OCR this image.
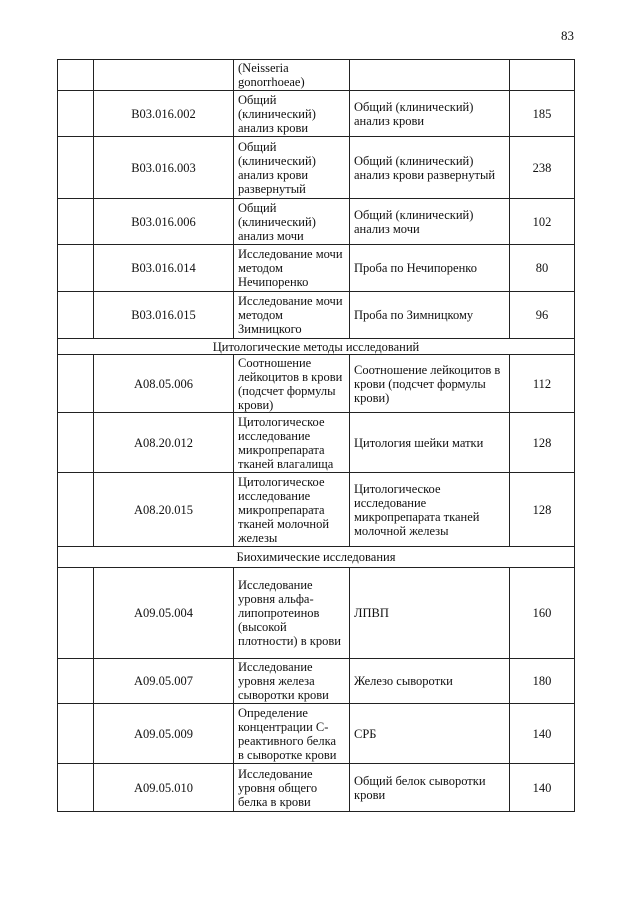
83
		(Neisseria gonorrhoeae)		
	В03.016.002	Общий (клинический) анализ крови	Общий (клинический) анализ крови	185
	В03.016.003	Общий (клинический) анализ крови развернутый	Общий (клинический) анализ крови развернутый	238
	В03.016.006	Общий (клинический) анализ мочи	Общий (клинический) анализ мочи	102
	В03.016.014	Исследование мочи методом Нечипоренко	Проба по Нечипоренко	80
	В03.016.015	Исследование мочи методом Зимницкого	Проба по Зимницкому	96
Цитологические методы исследований				
	А08.05.006	Соотношение лейкоцитов в крови (подсчет формулы крови)	Соотношение лейкоцитов в крови (подсчет формулы крови)	112
	А08.20.012	Цитологическое исследование микропрепарата тканей влагалища	Цитология шейки матки	128
	А08.20.015	Цитологическое исследование микропрепарата тканей молочной железы	Цитологическое исследование микропрепарата тканей молочной железы	128
Биохимические исследования				
	А09.05.004	Исследование уровня альфа-липопротеинов (высокой плотности) в крови	ЛПВП	160
	А09.05.007	Исследование уровня железа сыворотки крови	Железо сыворотки	180
	А09.05.009	Определение концентрации С-реактивного белка в сыворотке крови	СРБ	140
	А09.05.010	Исследование уровня общего белка в крови	Общий белок сыворотки крови	140
